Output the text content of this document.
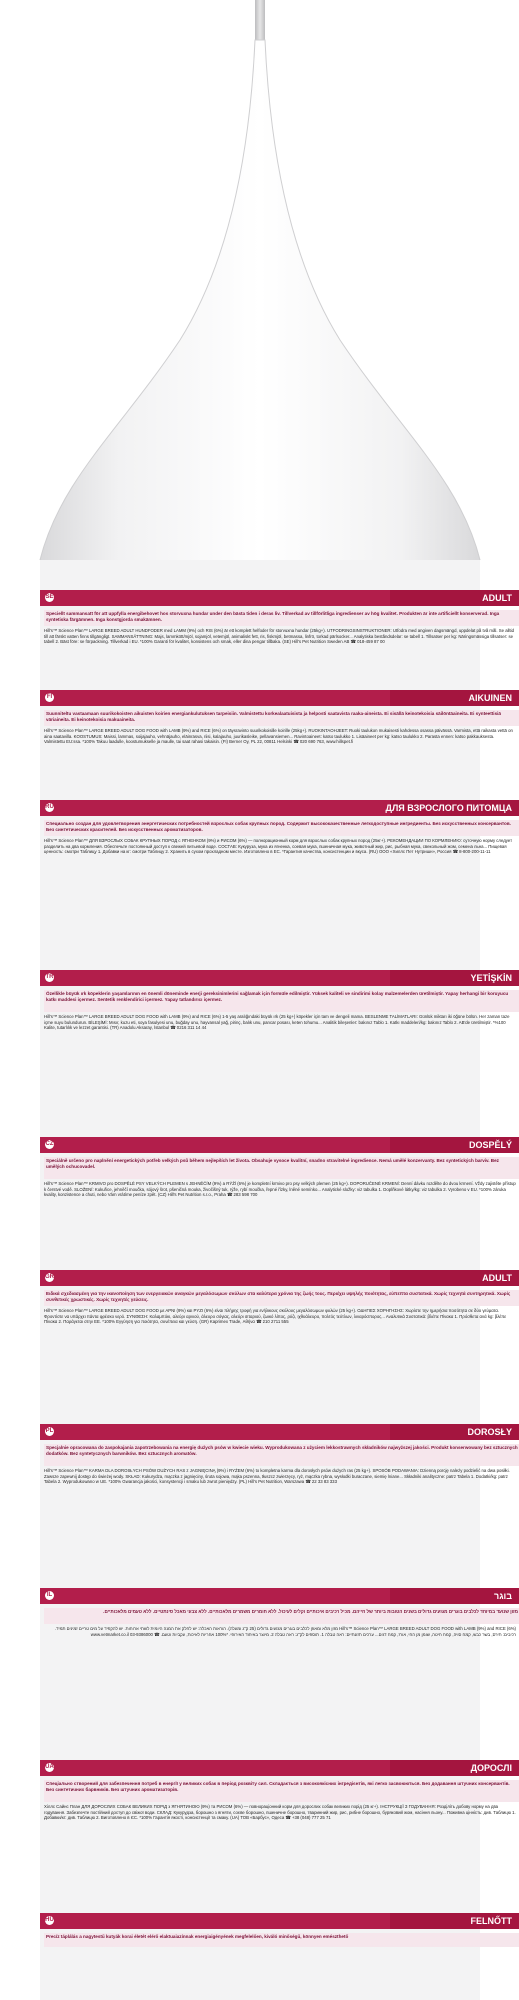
SE	ADULT
Speciellt sammansatt för att uppfylla energibehovet hos storvuxna hundar under den bästa tiden i deras liv. Tillverkad av tillförlitliga ingredienser av hög kvalitet. Produkten är inte artificiellt konserverad. Inga syntetiska färgämnen. Inga konstgjorda smakämnen.
Hill's™ Science Plan™ LARGE BREED ADULT HUNDFODER med LAMM (9%) och RIS (6%) är ett komplett helfoder för storvuxna hundar (25kg+). UTFODRINGSINSTRUKTIONER: Utfodra med angiven dagsmängd, uppdelat på två mål. Se alltid till att färskt vatten finns tillgängligt. SAMMANSÄTTNING: Majs, lammkött/mjöl, sojamjöl, vetemjöl, animaliskt fett, ris, fiskmjöl, betmassa, linfrö, torkad pärlsocker... Analytiska beståndsdelar: se tabell 1. Tillsatser per kg: Näringsmässiga tillsatser: se tabell 2. Bäst före: se förpackning. Tillverkad i EU. *100% Garanti för kvalitet, konsistens och smak, eller dina pengar tillbaka. (SE) Hill's Pet Nutrition Sweden AB ☎ 018-459 87 00
FI	AIKUINEN
Suunniteltu vastaamaan suurikokoisten aikuisten koirien energiankulutuksen tarpeisiin. Valmistettu korkealaatuisista ja helposti saatavista raaka-aineista. Ei sisällä keinotekoisia säilöntäaineita. Ei synteettisiä väriaineita. Ei keinotekoisia makuaineita.
Hill's™ Science Plan™ LARGE BREED ADULT DOG FOOD with LAMB (9%) and RICE (6%) on täysravinto suurikokoisille koirille (25kg+). RUOKINTAOHJEET: Ruoki taulukon mukaisesti kahdessa osassa päivässä. Varmista, että raikasta vettä on aina saatavilla. KOOSTUMUS: Maissi, lammas, soijajauho, vehnäjauho, eläinrasva, riisi, kalajauho, juurikasleike, pellavansiemen... Ravintoaineet: katso taulukko 1. Lisäaineet per kg: katso taulukko 2. Parasta ennen: katso pakkauksesta. Valmistettu EU:ssa. *100% Takuu laadulle, koostumukselle ja maulle, tai saat rahasi takaisin. (FI) Berner Oy, PL 22, 00811 Helsinki ☎ 020 690 763, www.hillspet.fi
RU	ДЛЯ ВЗРОСЛОГО ПИТОМЦА
Специально создан для удовлетворения энергетических потребностей взрослых собак крупных пород. Содержит высококачественные легкодоступные ингредиенты. Без искусственных консервантов. Без синтетических красителей. Без искусственных ароматизаторов.
Hill's™ Science Plan™ ДЛЯ ВЗРОСЛЫХ СОБАК КРУПНЫХ ПОРОД с ЯГНЕНКОМ (9%) и РИСОМ (6%) — полнорационный корм для взрослых собак крупных пород (25кг+). РЕКОМЕНДАЦИИ ПО КОРМЛЕНИЮ: суточную норму следует разделить на два кормления. Обеспечьте постоянный доступ к свежей питьевой воде. СОСТАВ: Кукуруза, мука из ягненка, соевая мука, пшеничная мука, животный жир, рис, рыбная мука, свекольный жом, семена льна... Пищевая ценность: смотри Таблицу 1. Добавки на кг: смотри Таблицу 2. Хранить в сухом прохладном месте. Изготовлено в ЕС. *Гарантия качества, консистенции и вкуса. (RU) ООО «Хиллс Пет Нутришн», Россия ☎ 8-800-200-11-11
TR	YETİŞKİN
Özellikle büyük ırk köpeklerin yaşamlarının en önemli döneminde enerji gereksinimlerini sağlamak için formüle edilmiştir. Yüksek kaliteli ve sindirimi kolay malzemelerden üretilmiştir. Yapay herhangi bir koruyucu katkı maddesi içermez. Sentetik renklendirici içermez. Yapay tatlandırıcı içermez.
Hill's™ Science Plan™ LARGE BREED ADULT DOG FOOD with LAMB (9%) and RICE (6%) 1-5 yaş aralığındaki büyük ırk (25 kg+) köpekler için tam ve dengeli mama. BESLENME TALİMATLARI: Günlük miktarı iki öğüne bölün. Her zaman taze içme suyu bulundurun. BİLEŞİMİ: Mısır, kuzu eti, soya fasulyesi unu, buğday unu, hayvansal yağ, pirinç, balık unu, pancar posası, keten tohumu... Analitik bileşenler: bakınız Tablo 1. Katkı maddeleri/kg: bakınız Tablo 2. AB'de üretilmiştir. *%100 Kalite, tutarlılık ve lezzet garantisi. (TR) Anadolu Aksaray, İstanbul ☎ 0216 311 14 44
CZ	DOSPĚLÝ
Speciálně určeno pro naplnění energetických potřeb velkých psů během nejlepších let života. Obsahuje vysoce kvalitní, snadno stravitelné ingredience. Nemá umělé konzervanty. Bez syntetických barviv. Bez umělých ochucovadel.
Hill's™ Science Plan™ KRMIVO pro DOSPĚLÉ PSY VELKÝCH PLEMEN s JEHNĚČÍM (9%) a RÝŽÍ (6%) je kompletní krmivo pro psy velkých plemen (25 kg+). DOPORUČENÉ KRMENÍ: Denní dávku rozdělte do dvou krmení. Vždy zajistěte přístup k čerstvé vodě. SLOŽENÍ: Kukuřice, jehněčí moučka, sójový šrot, pšeničná mouka, živočišný tuk, rýže, rybí moučka, řepné řízky, lněné semínko... Analytické složky: viz tabulka 1. Doplňkové látky/kg: viz tabulka 2. Vyrobeno v EU. *100% záruka kvality, konzistence a chuti, nebo Vám vrátíme peníze zpět. (CZ) Hill's Pet Nutrition s.r.o., Praha ☎ 283 598 700
GR	ADULT
Ειδικά σχεδιασμένη για την ικανοποίηση των ενεργειακών αναγκών μεγαλόσωμων σκύλων στα καλύτερα χρόνια της ζωής τους. Περιέχει υψηλής ποιότητας, εύπεπτα συστατικά. Χωρίς τεχνητά συντηρητικά. Χωρίς συνθετικές χρωστικές. Χωρίς τεχνητές γεύσεις.
Hill's™ Science Plan™ LARGE BREED ADULT DOG FOOD με ΑΡΝΙ (9%) και ΡΥΖΙ (6%) είναι πλήρης τροφή για ενήλικους σκύλους μεγαλόσωμων φυλών (25 kg+). ΟΔΗΓΙΕΣ ΧΟΡΗΓΗΣΗΣ: Χωρίστε την ημερήσια ποσότητα σε δύο γεύματα. Φροντίστε να υπάρχει πάντα φρέσκο νερό. ΣΥΝΘΕΣΗ: Καλαμπόκι, αλεύρι αρνιού, άλευρο σόγιας, αλεύρι σιταριού, ζωικό λίπος, ρύζι, ιχθυάλευρο, πολτός τεύτλων, λιναρόσπορος... Αναλυτικά Συστατικά: βλέπε Πίνακα 1. Πρόσθετα ανά kg: βλέπε Πίνακα 2. Παράγεται στην ΕΕ. *100% Εγγύηση για ποιότητα, συνέπεια και γεύση. (GR) Kaprimex Trade, Αθήνα ☎ 210 2711 555
PL	DOROSŁY
Specjalnie opracowana do zaspokajania zapotrzebowania na energię dużych psów w kwiecie wieku. Wyprodukowana z użyciem lekkostrawnych składników najwyższej jakości. Produkt konserwowany bez sztucznych dodatków. Bez syntetycznych barwników. Bez sztucznych aromatów.
Hill's™ Science Plan™ KARMA DLA DOROSŁYCH PSÓW DUŻYCH RAS z JAGNIĘCINĄ (9%) i RYŻEM (6%) to kompletna karma dla dorosłych psów dużych ras (25 kg+). SPOSÓB PODAWANIA: Dzienną porcję należy podzielić na dwa posiłki. Zawsze zapewnij dostęp do świeżej wody. SKŁAD: Kukurydza, mączka z jagnięciny, śruta sojowa, mąka pszenna, tłuszcz zwierzęcy, ryż, mączka rybna, wysłodki buraczane, siemię lniane... Składniki analityczne: patrz Tabela 1. Dodatki/kg: patrz Tabela 2. Wyprodukowano w UE. *100% Gwarancja jakości, konsystencji i smaku lub zwrot pieniędzy. (PL) Hill's Pet Nutrition, Warszawa ☎ 22 33 83 333
IL	בוגר
מזון שנועד במיוחד לכלבים בוגרים מגזעים גדולים בשנים הטובות ביותר של חייהם. מכיל רכיבים איכותיים וקלים לעיכול. ללא חומרים משמרים מלאכותיים. ללא צבעי מאכל סינתטיים. ללא טעמים מלאכותיים.
Hill's™ Science Plan™ LARGE BREED ADULT DOG FOOD with LAMB (9%) and RICE (6%) מזון מלא ומאוזן לכלבים בוגרים מגזעים גדולים (25 ק"ג ומעלה). הוראות האכלה: יש לחלק את המנה היומית לשתי ארוחות. יש להקפיד על מים טריים זמינים תמיד. רכיבים: תירס, בשר כבש, קמח סויה, קמח חיטה, שומן מן החי, אורז, קמח דגים... ערכים תזונתיים: ראה טבלה 1. תוספים לק"ג: ראה טבלה 2. מיוצר באיחוד האירופי. *100% אחריות לאיכות, עקביות וטעם. ☎ 03-9386000 www.vetmarket.co.il
UA	ДОРОСЛІ
Спеціально створений для забезпечення потреб в енергії у великих собак в період розквіту сил. Складається з високоякісних інгредієнтів, які легко засвоюються. Без додавання штучних консервантів. Без синтетичних барвників. Без штучних ароматизаторів.
Хіллс Сайнс План ДЛЯ ДОРОСЛИХ СОБАК ВЕЛИКИХ ПОРІД з ЯГНЯТИНОЮ (9%) та РИСОМ (6%) — повнораціонний корм для дорослих собак великих порід (25 кг+). ІНСТРУКЦІЇ З ГОДУВАННЯ: Розділіть добову норму на два годування. Забезпечте постійний доступ до свіжої води. СКЛАД: Кукурудза, борошно з ягняти, соєве борошно, пшеничне борошно, тваринний жир, рис, рибне борошно, буряковий жом, насіння льону... Поживна цінність: див. Таблицю 1. Добавки/кг: див. Таблицю 2. Виготовлено в ЄС. *100% Гарантія якості, консистенції та смаку. (UA) ТОВ «Барбус», Одеса ☎ +38 (048) 777 25 71
HU	FELNŐTT
Precíz táplálás a nagytestű kutyák korai életét elérő elaktuaiazínnak energiaigényének megfelelően, kiváló minőségű, könnyen emészthető
